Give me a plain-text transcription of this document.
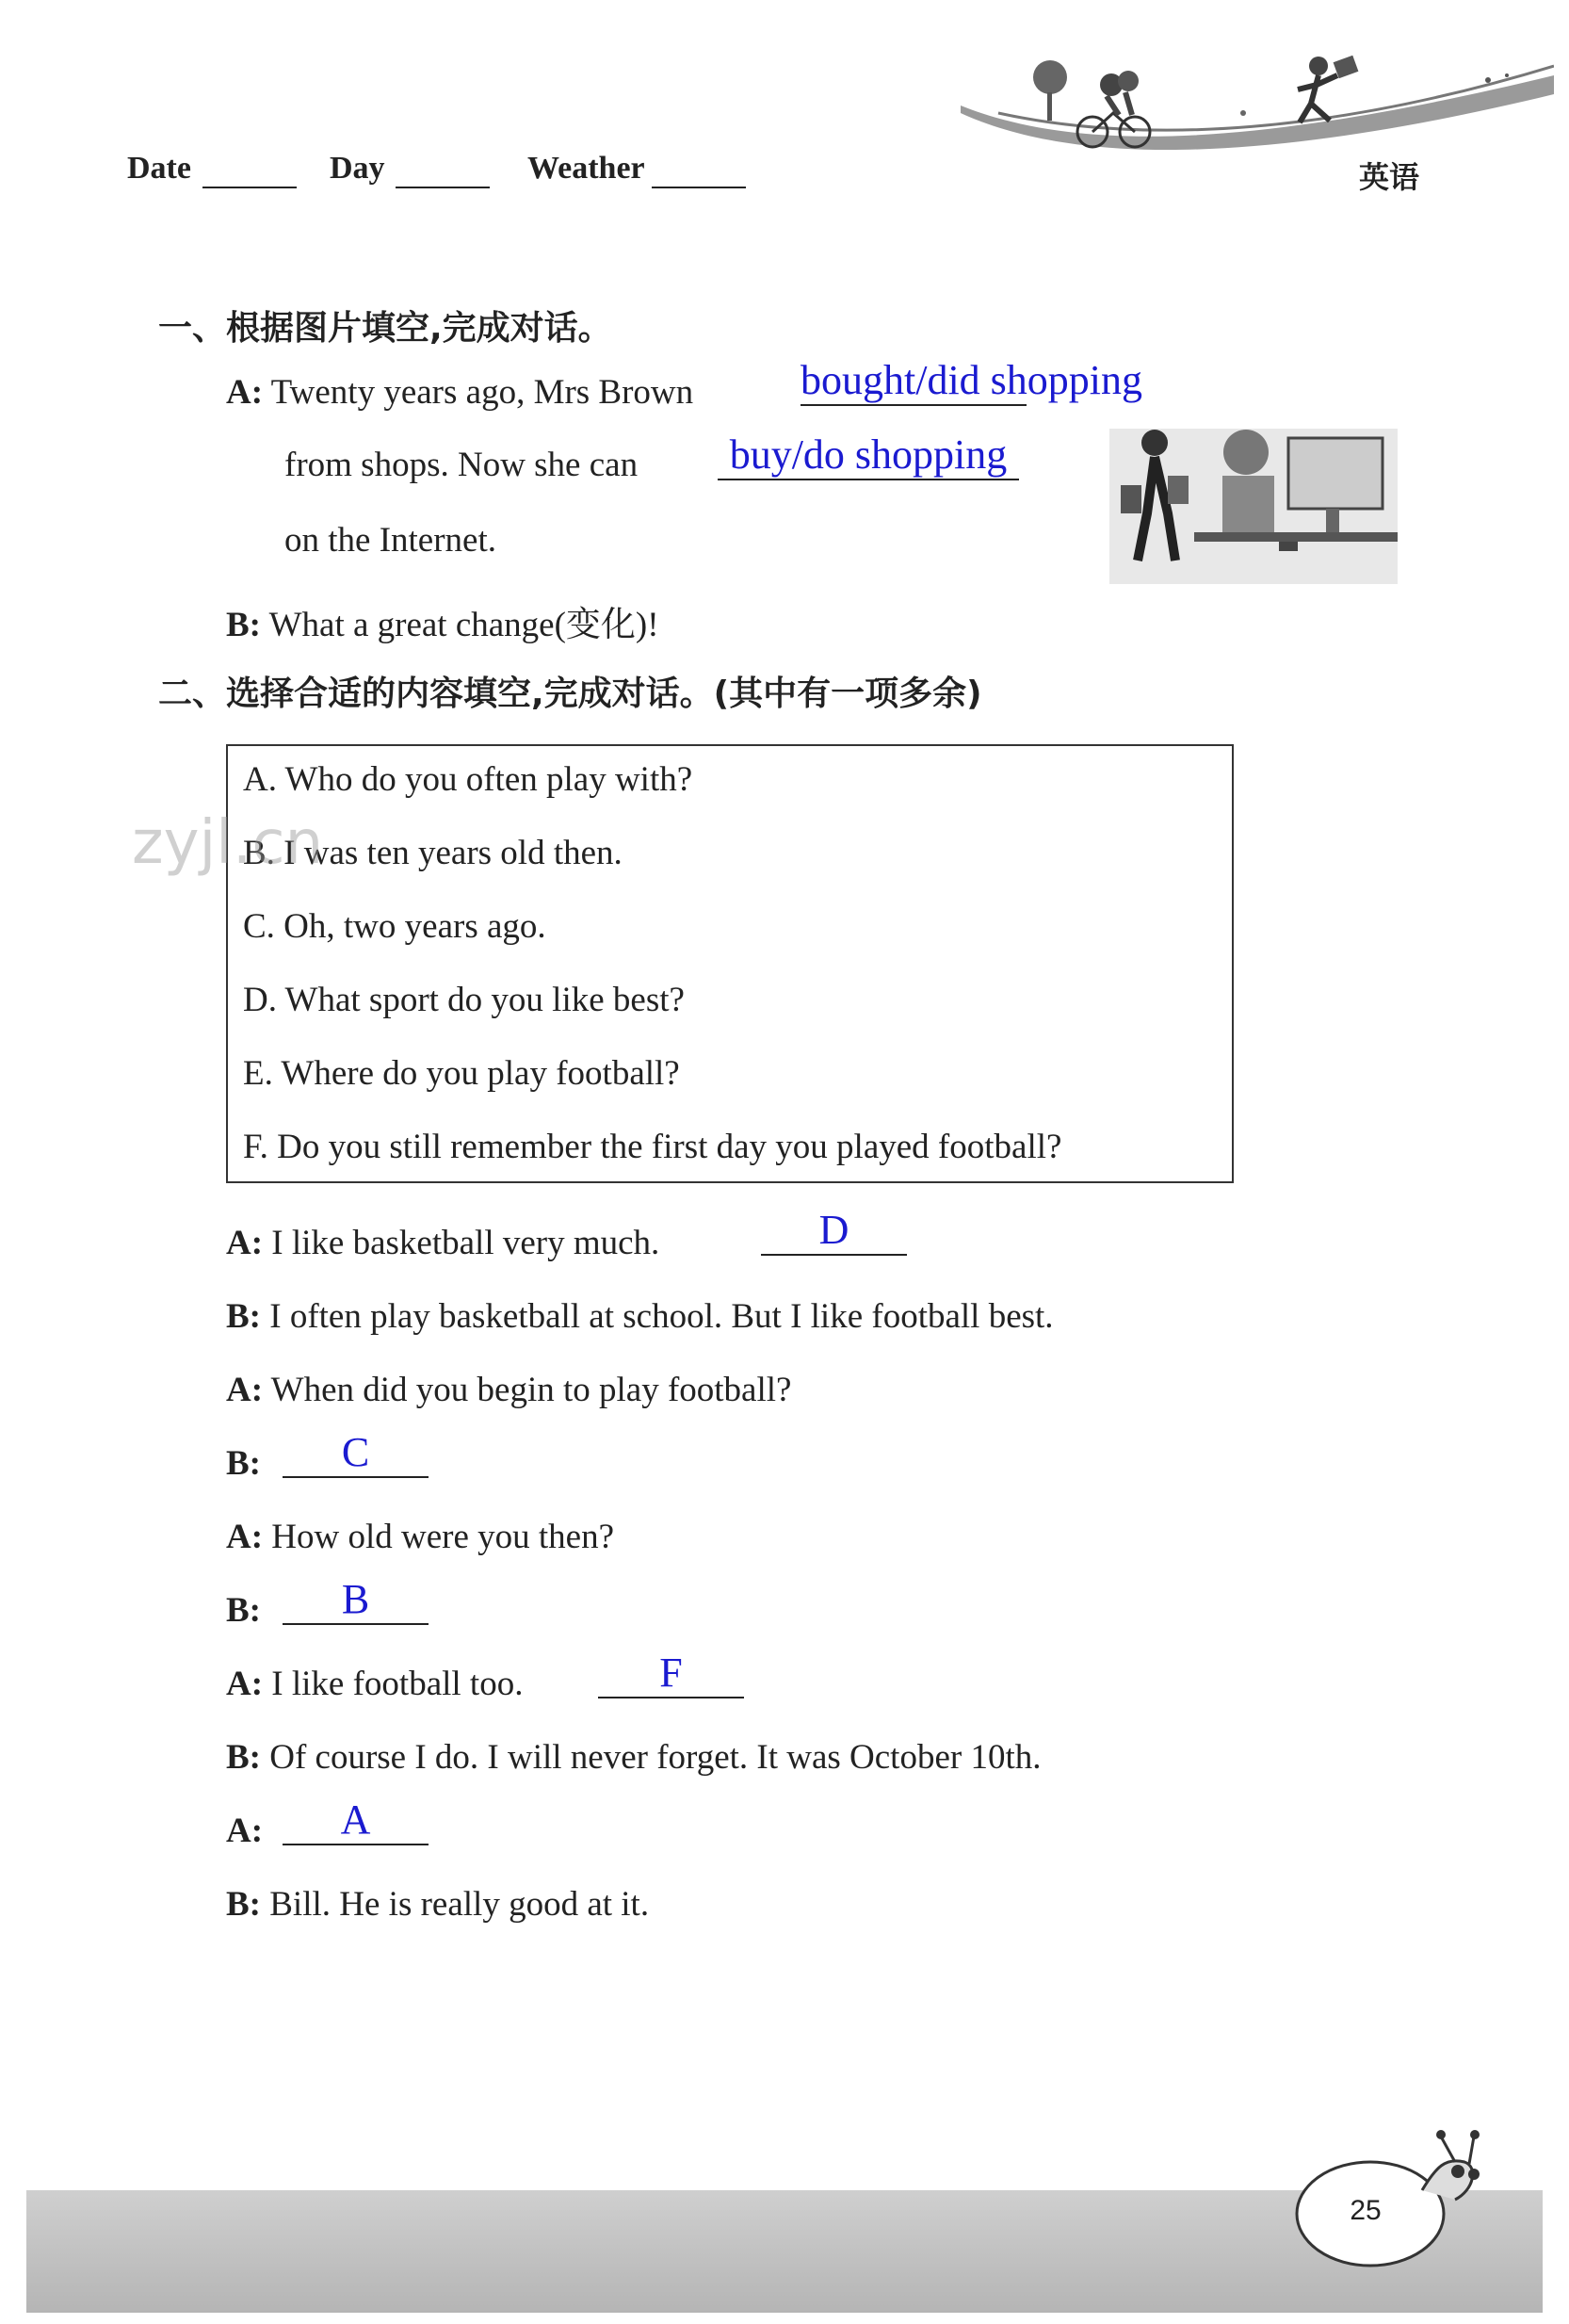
Date	Day	Weather	英语
一、根据图片填空,完成对话。
A: Twenty years ago, Mrs Brown	bought/did shopping
from shops. Now she can buy/do shopping
on the Internet.
B: What a great change(变化)!
二、选择合适的内容填空,完成对话。(其中有一项多余)
A. Who do you often play with?
B. I was ten years old then.
C. Oh, two years ago.
D. What sport do you like best?
E. Where do you play football?
F. Do you still remember the first day you played football?
zyjl.cn
A: I like basketball very much.	D
B: I often play basketball at school. But I like football best.
A: When did you begin to play football?
B:	C
A: How old were you then?
B:	B
A: I like football too.	F
B: Of course I do. I will never forget. It was October 10th.
A:	A
B: Bill. He is really good at it.
25
